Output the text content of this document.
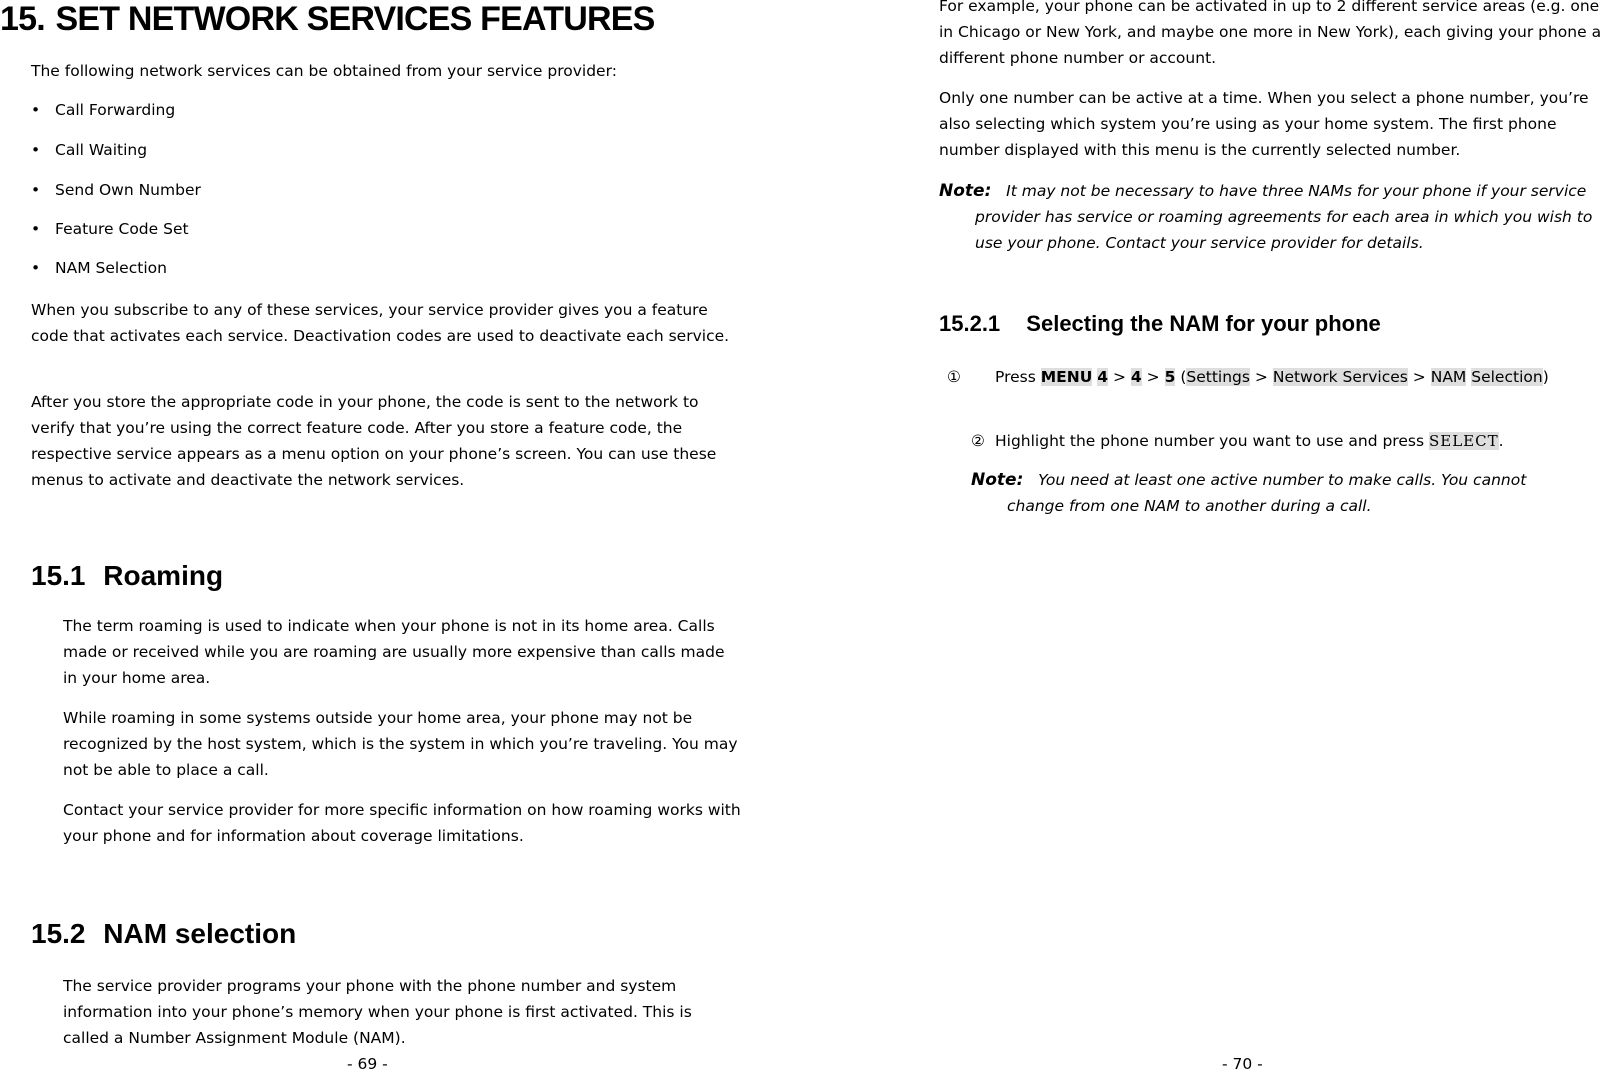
15. SET NETWORK SERVICES FEATURES
The following network services can be obtained from your service provider:
• Call Forwarding
• Call Waiting
• Send Own Number
• Feature Code Set
• NAM Selection
When you subscribe to any of these services, your service provider gives you a feature code that activates each service. Deactivation codes are used to deactivate each service.
After you store the appropriate code in your phone, the code is sent to the network to verify that you’re using the correct feature code. After you store a feature code, the respective service appears as a menu option on your phone’s screen. You can use these menus to activate and deactivate the network services.
15.1 Roaming
The term roaming is used to indicate when your phone is not in its home area. Calls made or received while you are roaming are usually more expensive than calls made in your home area.
While roaming in some systems outside your home area, your phone may not be recognized by the host system, which is the system in which you’re traveling. You may not be able to place a call.
Contact your service provider for more specific information on how roaming works with your phone and for information about coverage limitations.
15.2 NAM selection
The service provider programs your phone with the phone number and system information into your phone’s memory when your phone is first activated. This is called a Number Assignment Module (NAM).
- 69 -
For example, your phone can be activated in up to 2 different service areas (e.g. one in Chicago or New York, and maybe one more in New York), each giving your phone a different phone number or account.
Only one number can be active at a time. When you select a phone number, you’re also selecting which system you’re using as your home system. The first phone number displayed with this menu is the currently selected number.
Note: It may not be necessary to have three NAMs for your phone if your service provider has service or roaming agreements for each area in which you wish to use your phone. Contact your service provider for details.
15.2.1 Selecting the NAM for your phone
① Press MENU 4 > 4 > 5 (Settings > Network Services > NAM Selection)
② Highlight the phone number you want to use and press SELECT.
Note: You need at least one active number to make calls. You cannot change from one NAM to another during a call.
- 70 -
